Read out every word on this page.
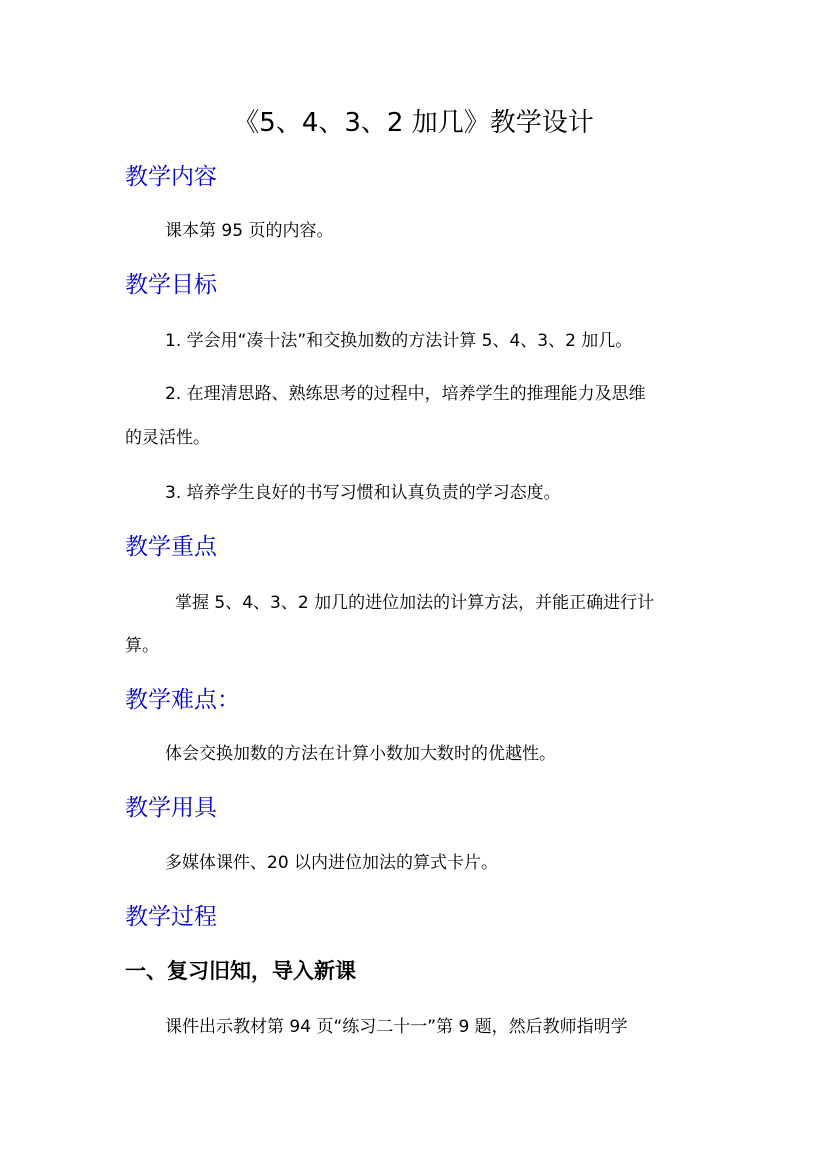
《5、4、3、2 加几》教学设计
教学内容
课本第 95 页的内容。
教学目标
1. 学会用“凑十法”和交换加数的方法计算 5、4、3、2 加几。
2. 在理清思路、熟练思考的过程中，培养学生的推理能力及思维
的灵活性。
3. 培养学生良好的书写习惯和认真负责的学习态度。
教学重点
掌握 5、4、3、2 加几的进位加法的计算方法，并能正确进行计
算。
教学难点：
体会交换加数的方法在计算小数加大数时的优越性。
教学用具
多媒体课件、20 以内进位加法的算式卡片。
教学过程
一、复习旧知，导入新课
课件出示教材第 94 页“练习二十一”第 9 题，然后教师指明学
